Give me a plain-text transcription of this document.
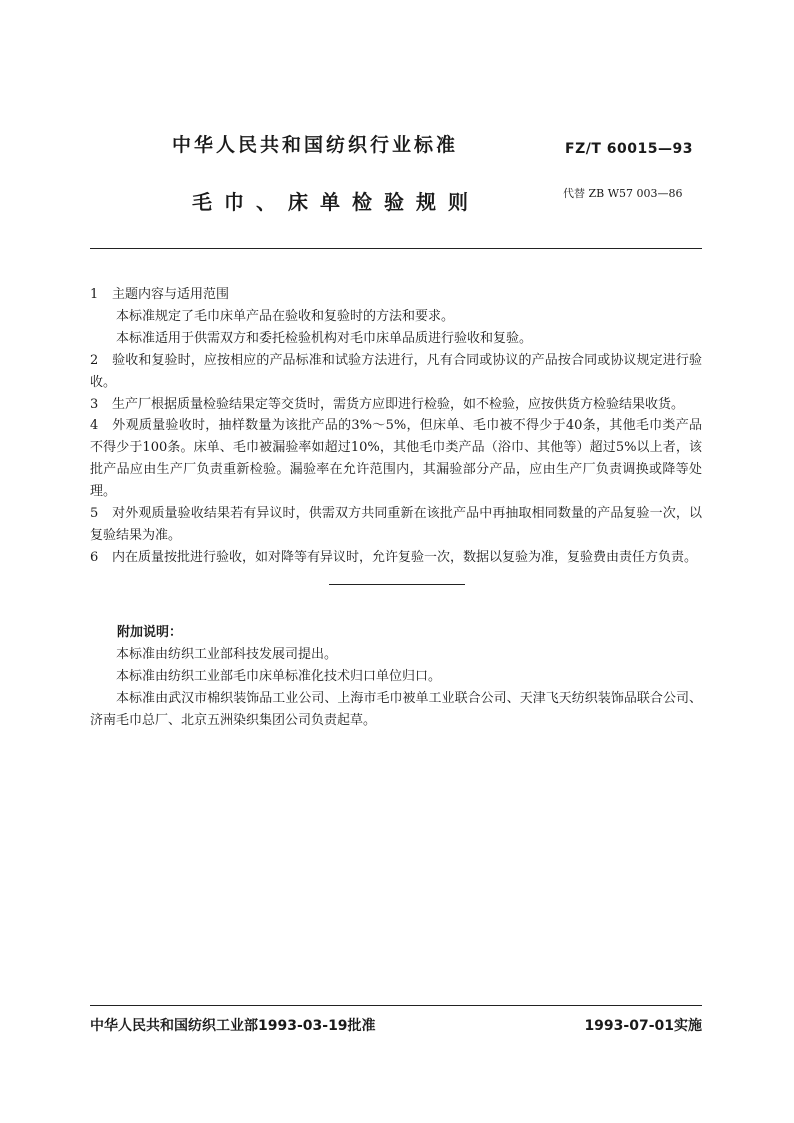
中华人民共和国纺织行业标准	FZ/T 60015—93
毛巾、床单检验规则	代替 ZB W57 003—86

1 主题内容与适用范围

本标准规定了毛巾床单产品在验收和复验时的方法和要求。

本标准适用于供需双方和委托检验机构对毛巾床单品质进行验收和复验。

2 验收和复验时，应按相应的产品标准和试验方法进行，凡有合同或协议的产品按合同或协议规定进行验收。

3 生产厂根据质量检验结果定等交货时，需货方应即进行检验，如不检验，应按供货方检验结果收货。

4 外观质量验收时，抽样数量为该批产品的3%～5%，但床单、毛巾被不得少于40条，其他毛巾类产品不得少于100条。床单、毛巾被漏验率如超过10%，其他毛巾类产品（浴巾、其他等）超过5%以上者，该批产品应由生产厂负责重新检验。漏验率在允许范围内，其漏验部分产品，应由生产厂负责调换或降等处理。

5 对外观质量验收结果若有异议时，供需双方共同重新在该批产品中再抽取相同数量的产品复验一次，以复验结果为准。

6 内在质量按批进行验收，如对降等有异议时，允许复验一次，数据以复验为准，复验费由责任方负责。

附加说明：

本标准由纺织工业部科技发展司提出。

本标准由纺织工业部毛巾床单标准化技术归口单位归口。

本标准由武汉市棉织装饰品工业公司、上海市毛巾被单工业联合公司、天津飞天纺织装饰品联合公司、济南毛巾总厂、北京五洲染织集团公司负责起草。

中华人民共和国纺织工业部1993-03-19批准	1993-07-01实施
